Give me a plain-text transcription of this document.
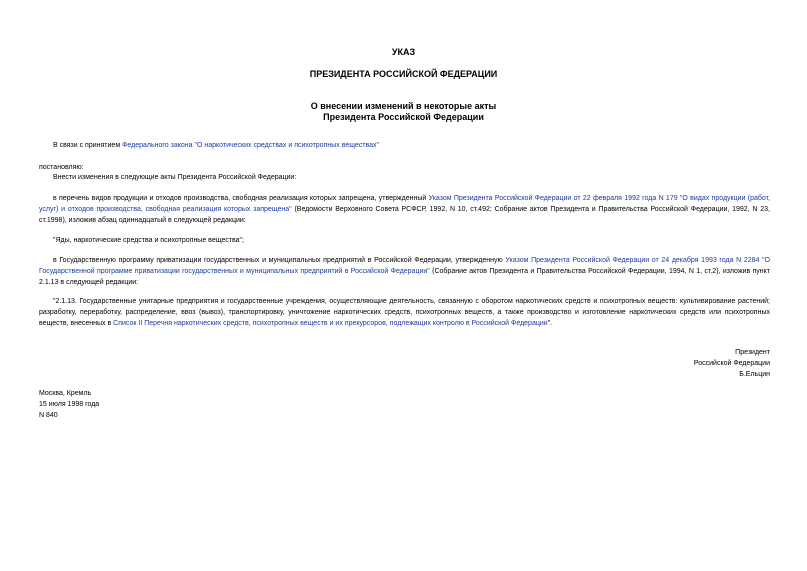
УКАЗ
ПРЕЗИДЕНТА РОССИЙСКОЙ ФЕДЕРАЦИИ
О внесении изменений в некоторые акты
Президента Российской Федерации
В связи с принятием Федерального закона "О наркотических средствах и психотропных веществах"
постановляю:
Внести изменения в следующие акты Президента Российской Федерации:
в перечень видов продукции и отходов производства, свободная реализация которых запрещена, утвержденный Указом Президента Российской Федерации от 22 февраля 1992 года N 179 "О видах продукции (работ, услуг) и отходов производства, свободная реализация которых запрещена" (Ведомости Верховного Совета РСФСР, 1992, N 10, ст.492; Собрание актов Президента и Правительства Российской Федерации, 1992, N 23, ст.1998), изложив абзац одиннадцатый в следующей редакции:
"Яды, наркотические средства и психотропные вещества";
в Государственную программу приватизации государственных и муниципальных предприятий в Российской Федерации, утвержденную Указом Президента Российской Федерации от 24 декабря 1993 года N 2284 "О Государственной программе приватизации государственных и муниципальных предприятий в Российской Федерации" (Собрание актов Президента и Правительства Российской Федерации, 1994, N 1, ст.2), изложив пункт 2.1.13 в следующей редакции:
"2.1.13. Государственные унитарные предприятия и государственные учреждения, осуществляющие деятельность, связанную с оборотом наркотических средств и психотропных веществ: культивирование растений; разработку, переработку, распределение, ввоз (вывоз), транспортировку, уничтожение наркотических средств, психотропных веществ, а также производство и изготовление наркотических средств или психотропных веществ, внесенных в Список II Перечня наркотических средств, психотропных веществ и их прекурсоров, подлежащих контролю в Российской Федерации".
Президент
Российской Федерации
Б.Ельцин
Москва, Кремль
15 июля 1998 года
N 840
